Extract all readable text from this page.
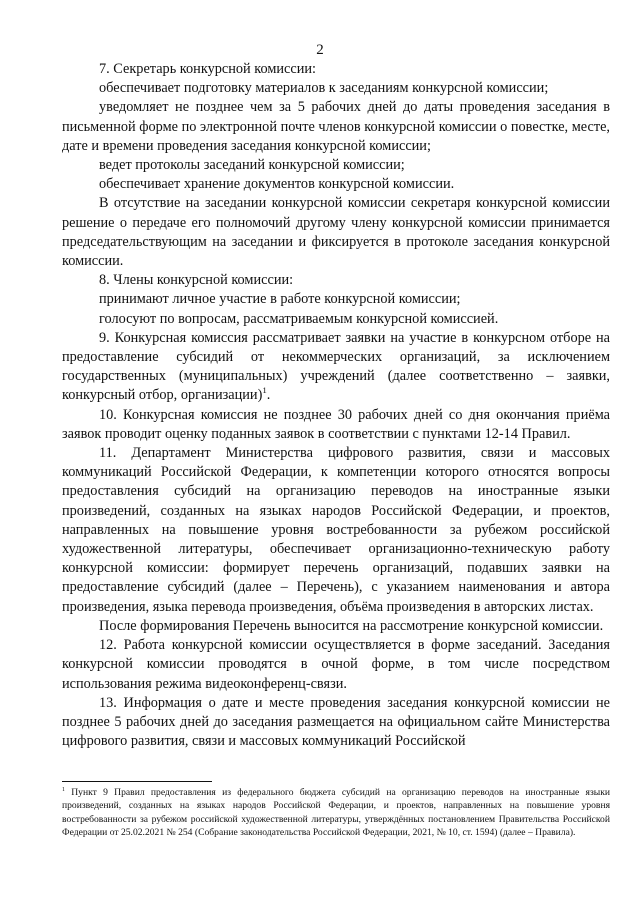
2

7. Секретарь конкурсной комиссии:

обеспечивает подготовку материалов к заседаниям конкурсной комиссии;

уведомляет не позднее чем за 5 рабочих дней до даты проведения заседания в письменной форме по электронной почте членов конкурсной комиссии о повестке, месте, дате и времени проведения заседания конкурсной комиссии;

ведет протоколы заседаний конкурсной комиссии;

обеспечивает хранение документов конкурсной комиссии.

В отсутствие на заседании конкурсной комиссии секретаря конкурсной комиссии решение о передаче его полномочий другому члену конкурсной комиссии принимается председательствующим на заседании и фиксируется в протоколе заседания конкурсной комиссии.

8. Члены конкурсной комиссии:

принимают личное участие в работе конкурсной комиссии;

голосуют по вопросам, рассматриваемым конкурсной комиссией.

9. Конкурсная комиссия рассматривает заявки на участие в конкурсном отборе на предоставление субсидий от некоммерческих организаций, за исключением государственных (муниципальных) учреждений (далее соответственно – заявки, конкурсный отбор, организации)$^1$.

10. Конкурсная комиссия не позднее 30 рабочих дней со дня окончания приёма заявок проводит оценку поданных заявок в соответствии с пунктами 12-14 Правил.

11. Департамент Министерства цифрового развития, связи и массовых коммуникаций Российской Федерации, к компетенции которого относятся вопросы предоставления субсидий на организацию переводов на иностранные языки произведений, созданных на языках народов Российской Федерации, и проектов, направленных на повышение уровня востребованности за рубежом российской художественной литературы, обеспечивает организационно-техническую работу конкурсной комиссии: формирует перечень организаций, подавших заявки на предоставление субсидий (далее – Перечень), с указанием наименования и автора произведения, языка перевода произведения, объёма произведения в авторских листах.

После формирования Перечень выносится на рассмотрение конкурсной комиссии.

12. Работа конкурсной комиссии осуществляется в форме заседаний. Заседания конкурсной комиссии проводятся в очной форме, в том числе посредством использования режима видеоконференц-связи.

13. Информация о дате и месте проведения заседания конкурсной комиссии не позднее 5 рабочих дней до заседания размещается на официальном сайте Министерства цифрового развития, связи и массовых коммуникаций Российской

$^1$ Пункт 9 Правил предоставления из федерального бюджета субсидий на организацию переводов на иностранные языки произведений, созданных на языках народов Российской Федерации, и проектов, направленных на повышение уровня востребованности за рубежом российской художественной литературы, утверждённых постановлением Правительства Российской Федерации от 25.02.2021 № 254 (Собрание законодательства Российской Федерации, 2021, № 10, ст. 1594) (далее – Правила).
